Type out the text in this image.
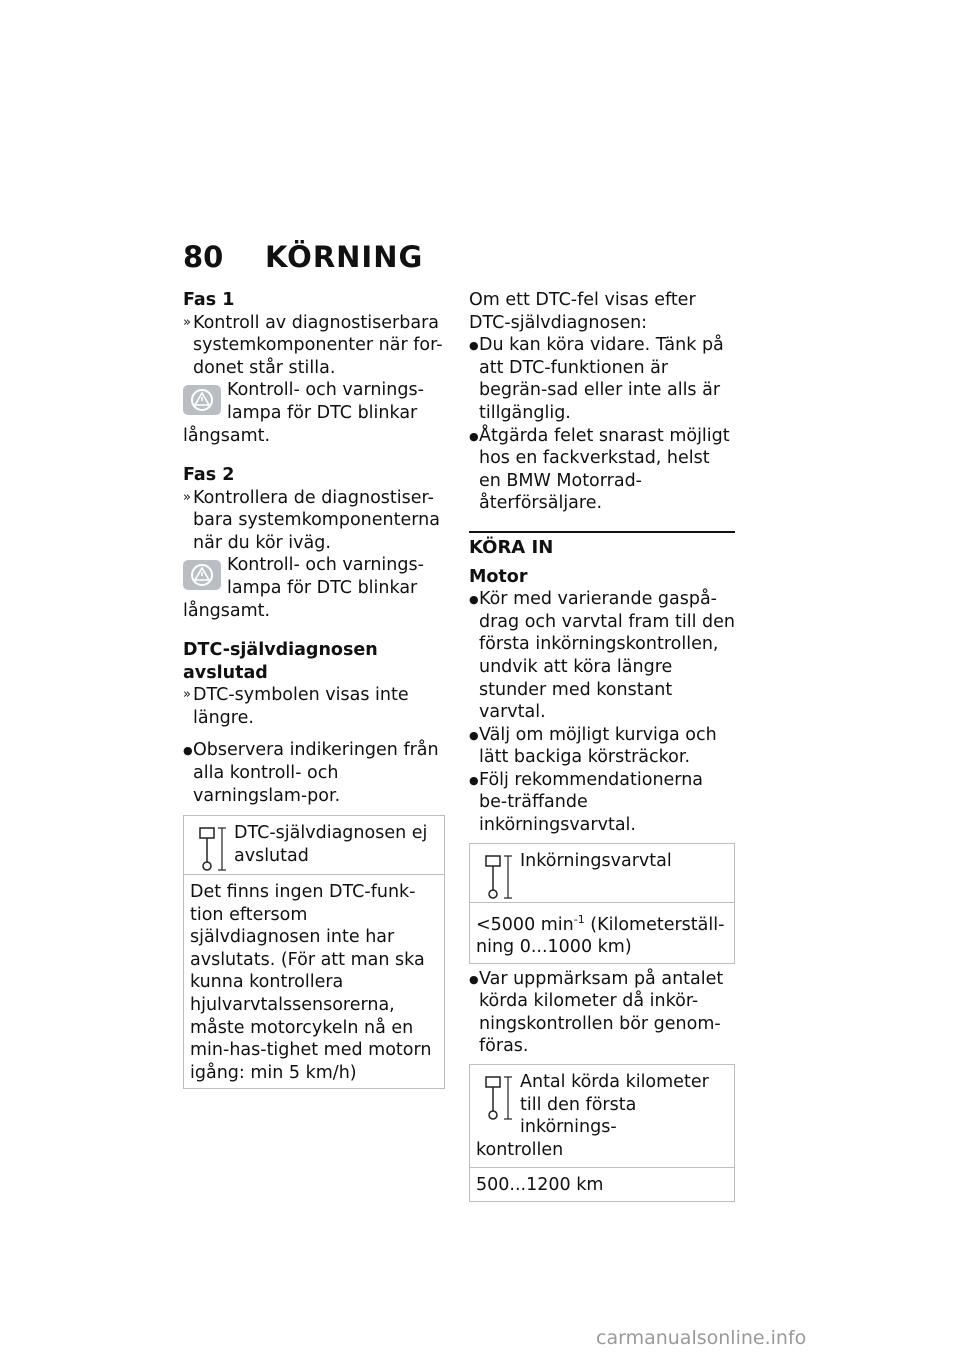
80	KÖRNING
Fas 1
» Kontroll av diagnostiserbara systemkomponenter när for-donet står stilla.
Kontroll- och varnings-lampa för DTC blinkar
långsamt.
Fas 2
» Kontrollera de diagnostiser-bara systemkomponenterna när du kör iväg.
Kontroll- och varnings-lampa för DTC blinkar
långsamt.
DTC-självdiagnosen avslutad
» DTC-symbolen visas inte längre.
● Observera indikeringen från alla kontroll- och varningslam-por.
DTC-självdiagnosen ej avslutad
Det finns ingen DTC-funk-tion eftersom självdiagnosen inte har avslutats. (För att man ska kunna kontrollera hjulvarvtalssensorerna, måste motorcykeln nå en min-has-tighet med motorn igång: min 5 km/h)
Om ett DTC-fel visas efter DTC-självdiagnosen:
● Du kan köra vidare. Tänk på att DTC-funktionen är begrän-sad eller inte alls är tillgänglig.
● Åtgärda felet snarast möjligt hos en fackverkstad, helst en BMW Motorrad-återförsäljare.
KÖRA IN
Motor
● Kör med varierande gaspå-drag och varvtal fram till den första inkörningskontrollen, undvik att köra längre stunder med konstant varvtal.
● Välj om möjligt kurviga och lätt backiga körsträckor.
● Följ rekommendationerna be-träffande inkörningsvarvtal.
Inkörningsvarvtal
<5000 $\min^{-1}$ (Kilometerställ-ning 0...1000 km)
● Var uppmärksam på antalet körda kilometer då inkör-ningskontrollen bör genom-föras.
Antal körda kilometer till den första inkörnings-
kontrollen
500...1200 km
carmanualsonline.info
